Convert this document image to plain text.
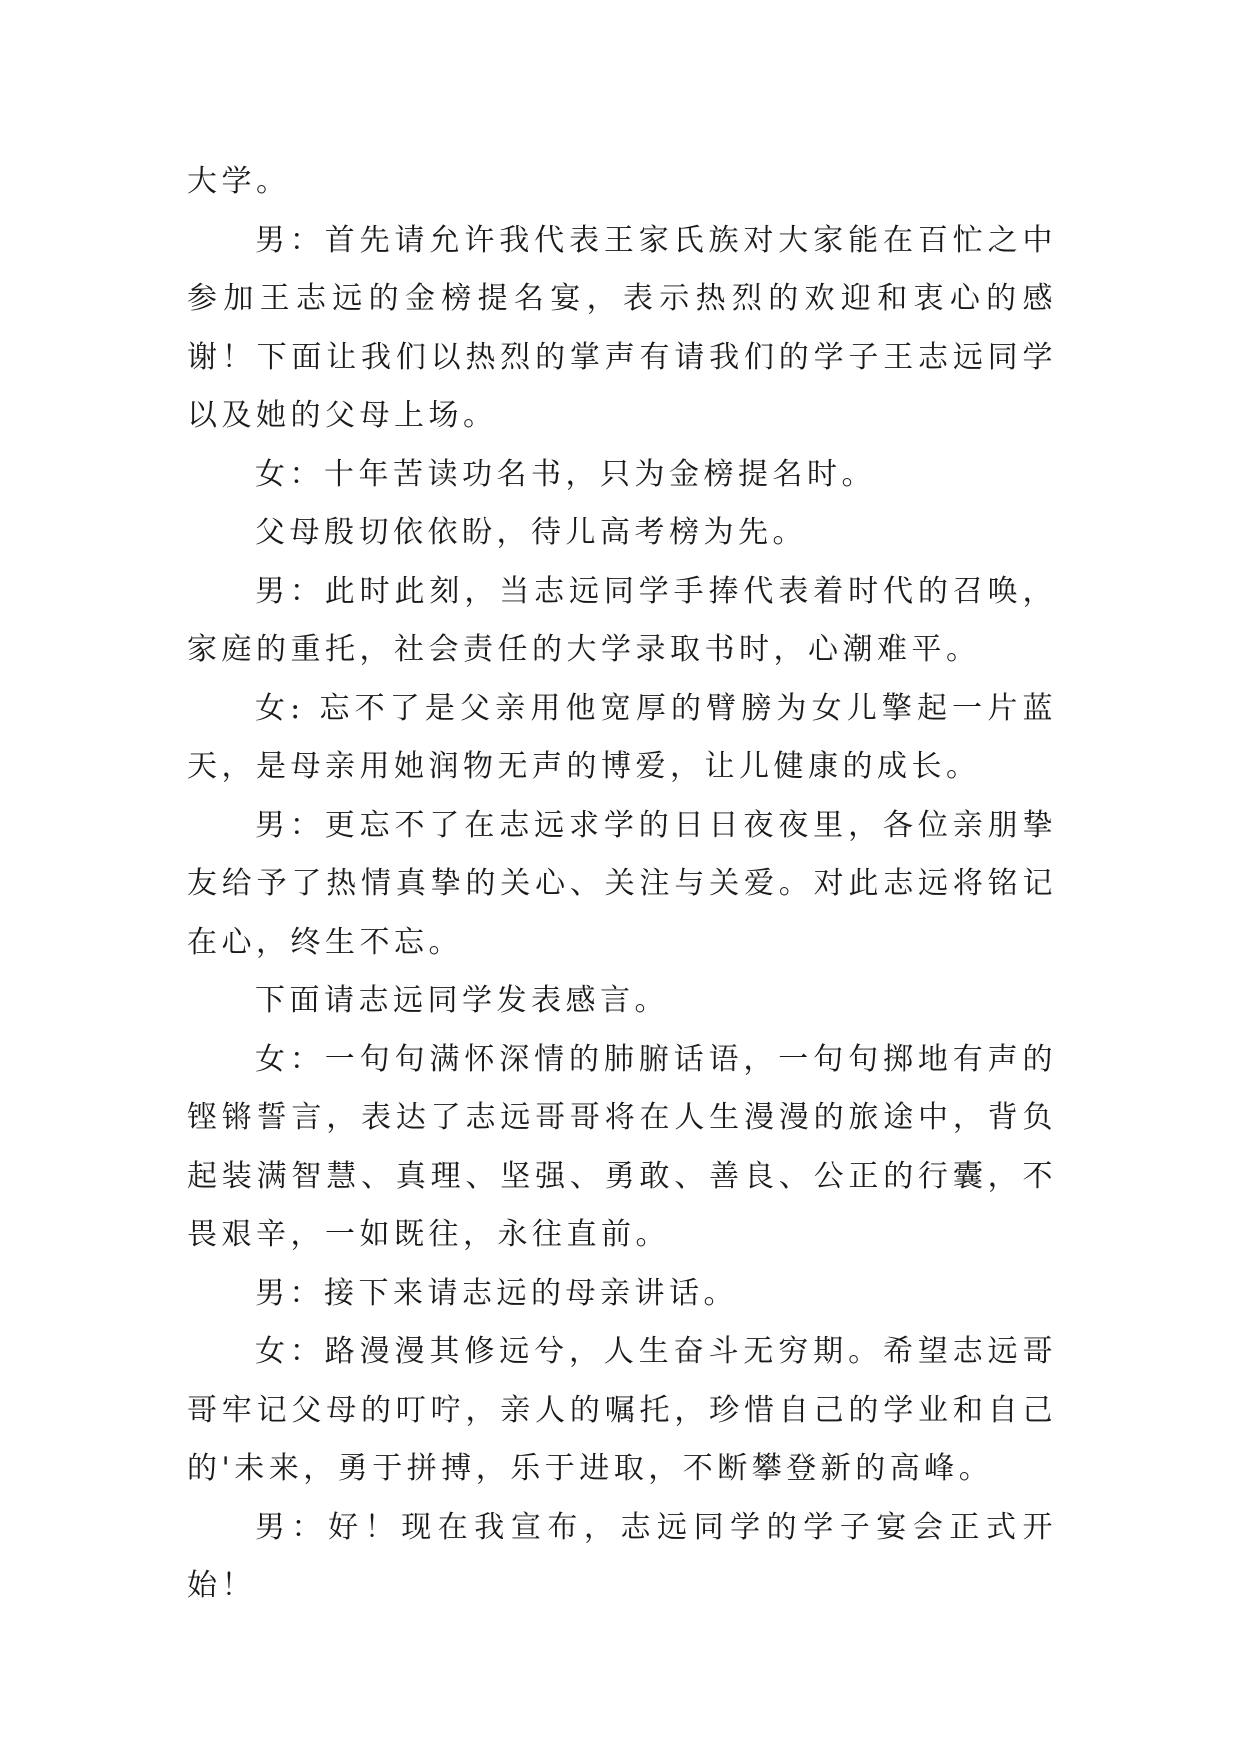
大学。

男：首先请允许我代表王家氏族对大家能在百忙之中参加王志远的金榜提名宴，表示热烈的欢迎和衷心的感谢！下面让我们以热烈的掌声有请我们的学子王志远同学以及她的父母上场。

女：十年苦读功名书，只为金榜提名时。

父母殷切依依盼，待儿高考榜为先。

男：此时此刻，当志远同学手捧代表着时代的召唤，家庭的重托，社会责任的大学录取书时，心潮难平。

女: 忘不了是父亲用他宽厚的臂膀为女儿擎起一片蓝天，是母亲用她润物无声的博爱，让儿健康的成长。

男：更忘不了在志远求学的日日夜夜里，各位亲朋挚友给予了热情真挚的关心、关注与关爱。对此志远将铭记在心，终生不忘。

下面请志远同学发表感言。

女：一句句满怀深情的肺腑话语，一句句掷地有声的铿锵誓言，表达了志远哥哥将在人生漫漫的旅途中，背负起装满智慧、真理、坚强、勇敢、善良、公正的行囊，不畏艰辛，一如既往，永往直前。

男：接下来请志远的母亲讲话。

女：路漫漫其修远兮，人生奋斗无穷期。希望志远哥哥牢记父母的叮咛，亲人的嘱托，珍惜自己的学业和自己的'未来，勇于拼搏，乐于进取，不断攀登新的高峰。

男：好！现在我宣布，志远同学的学子宴会正式开始！
